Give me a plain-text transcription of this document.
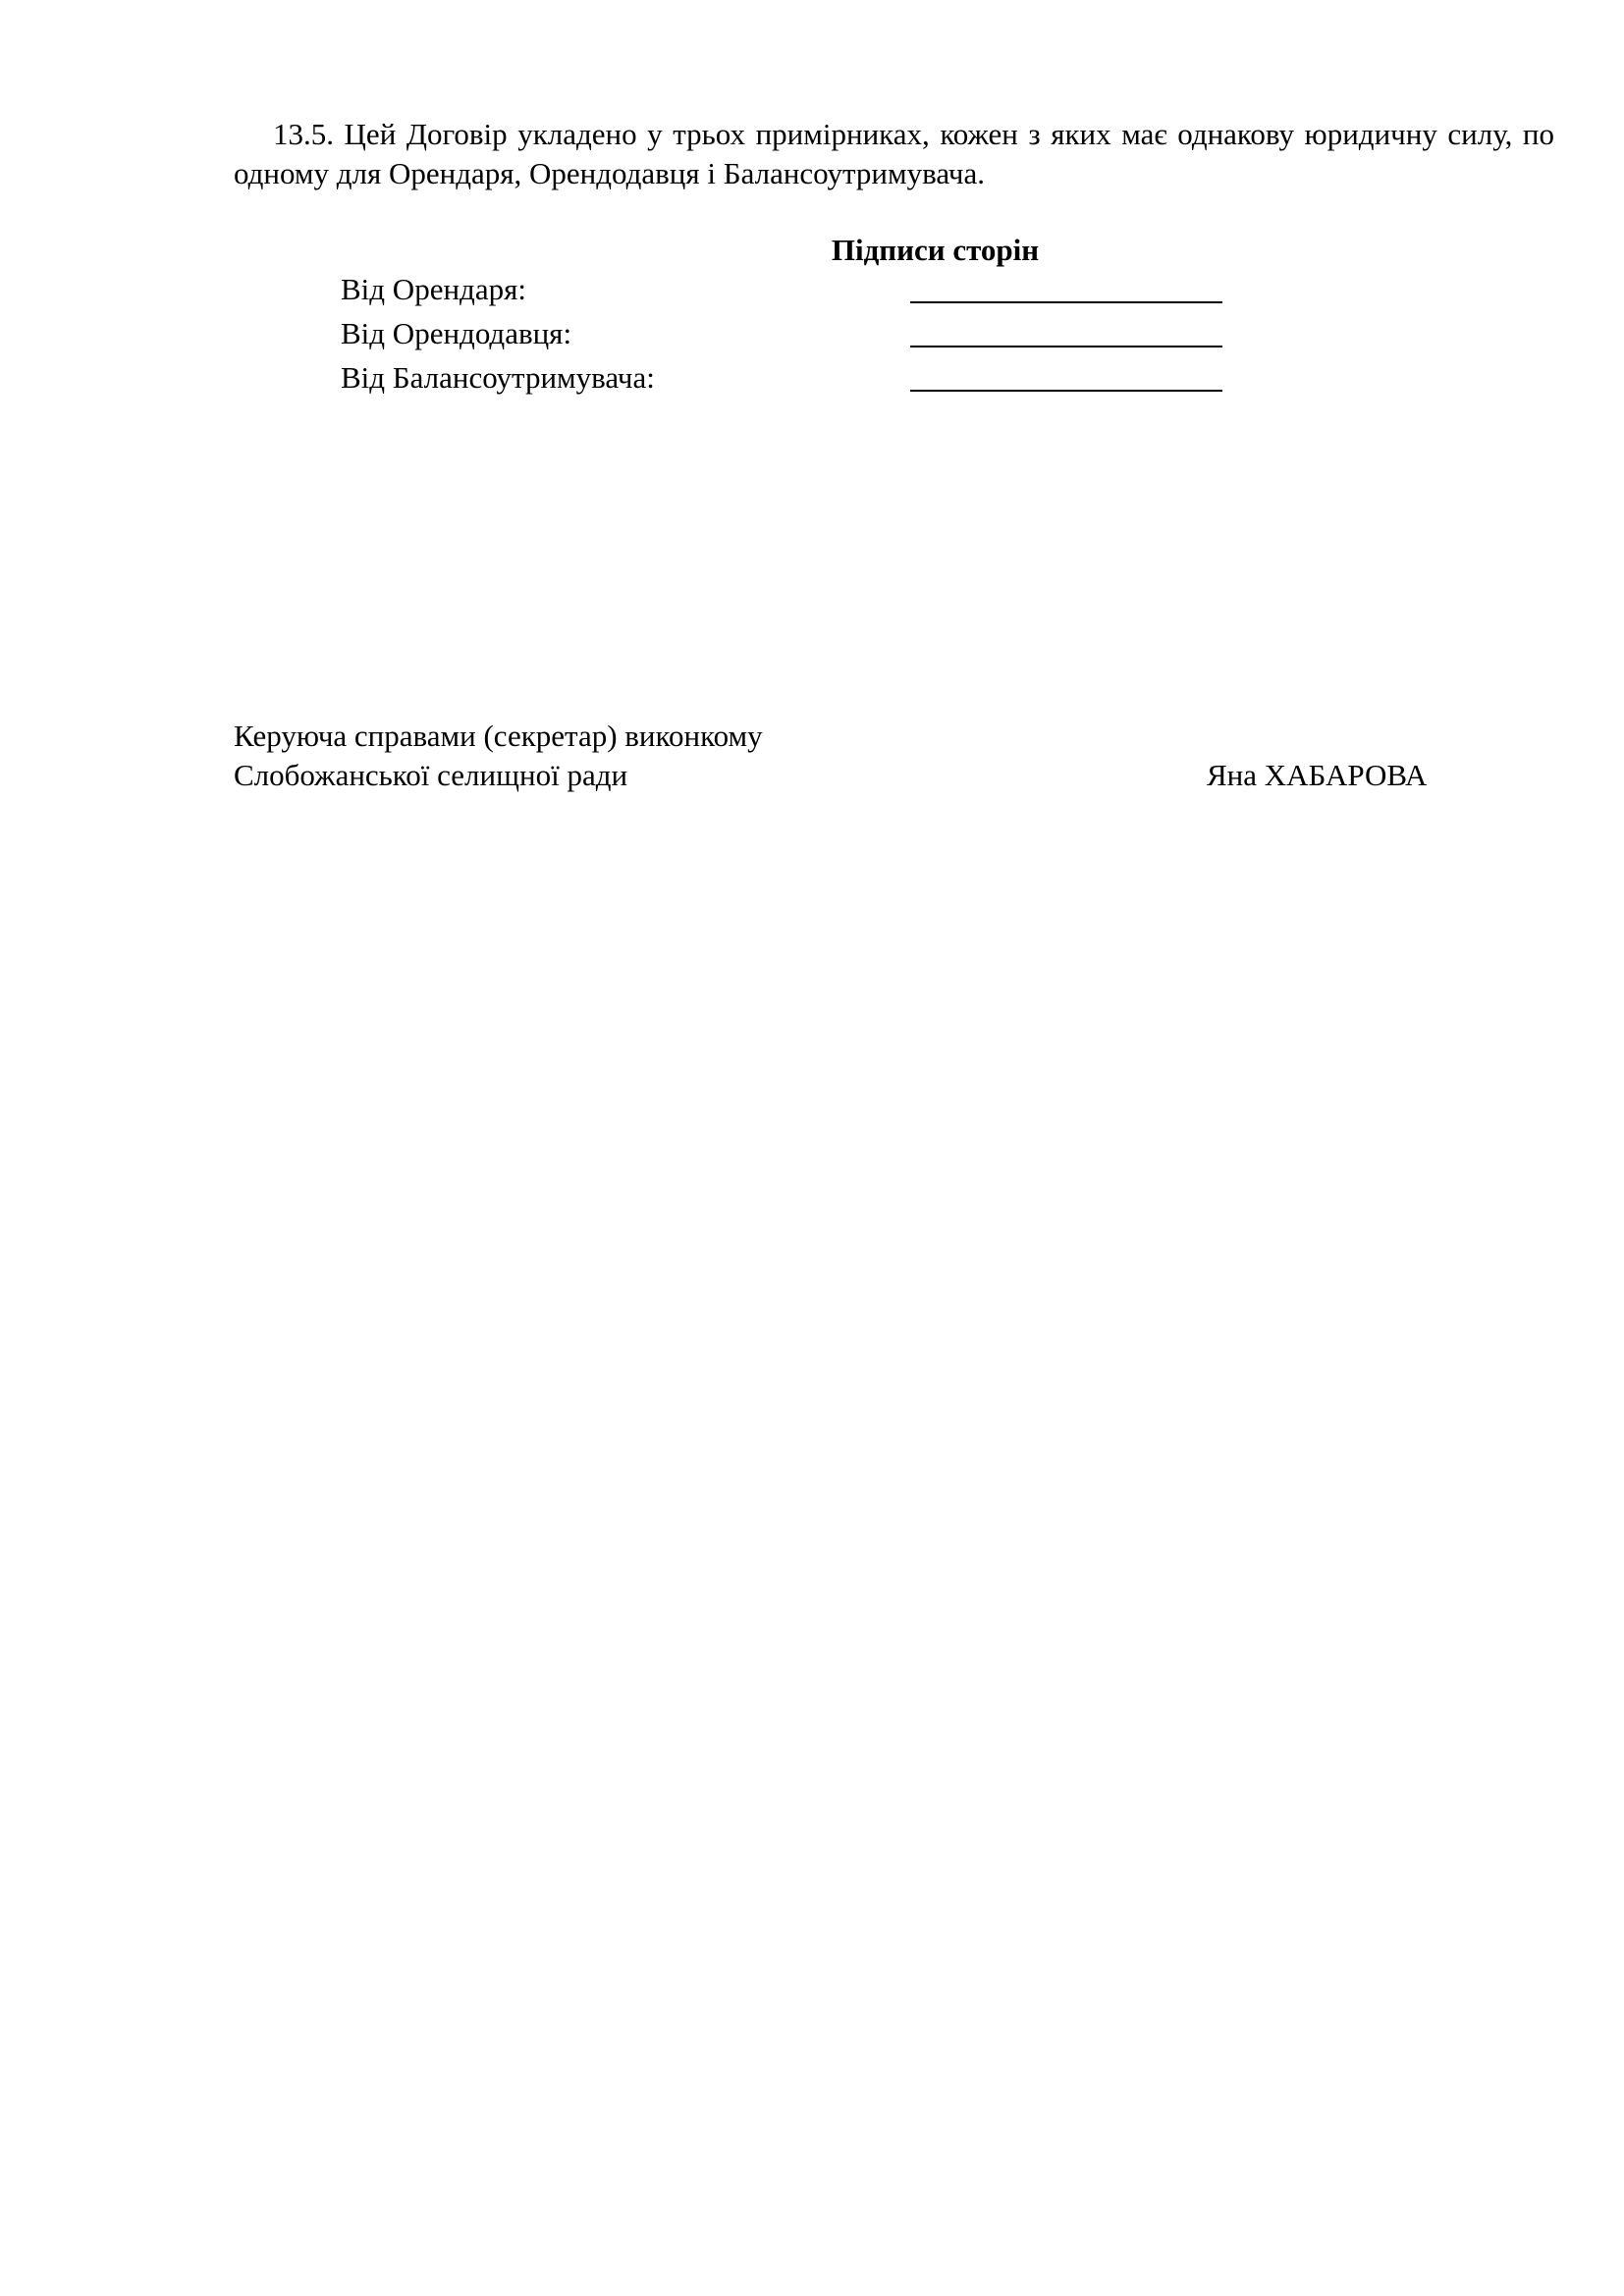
13.5. Цей Договір укладено у трьох примірниках, кожен з яких має однакову юридичну силу, по одному для Орендаря, Орендодавця і Балансоутримувача.

Підписи сторін

Від Орендаря:
Від Орендодавця:
Від Балансоутримувача:
Керуюча справами (секретар) виконкому
Слобожанської селищної ради	Яна ХАБАРОВА
